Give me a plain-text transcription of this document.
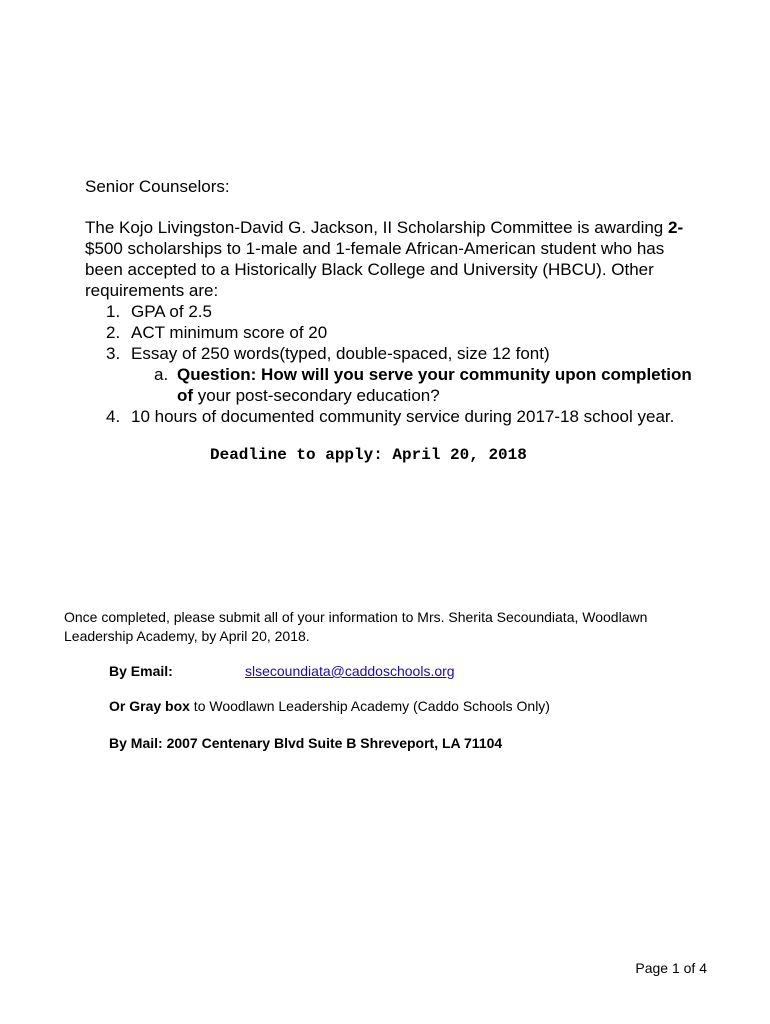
Senior Counselors:

The Kojo Livingston-David G. Jackson, II Scholarship Committee is awarding 2-
$500 scholarships to 1-male and 1-female African-American student who has been accepted to a Historically Black College and University (HBCU). Other requirements are:

1. GPA of 2.5
2. ACT minimum score of 20
3. Essay of 250 words(typed, double-spaced, size 12 font)
a. Question: How will you serve your community upon completion of your post-secondary education?
4. 10 hours of documented community service during 2017-18 school year.
Deadline to apply: April 20, 2018

Once completed, please submit all of your information to Mrs. Sherita Secoundiata, Woodlawn Leadership Academy, by April 20, 2018.

By Email:	slsecoundiata@caddoschools.org
Or Gray box to Woodlawn Leadership Academy (Caddo Schools Only)
By Mail: 2007 Centenary Blvd Suite B Shreveport, LA 71104
Page 1 of 4
